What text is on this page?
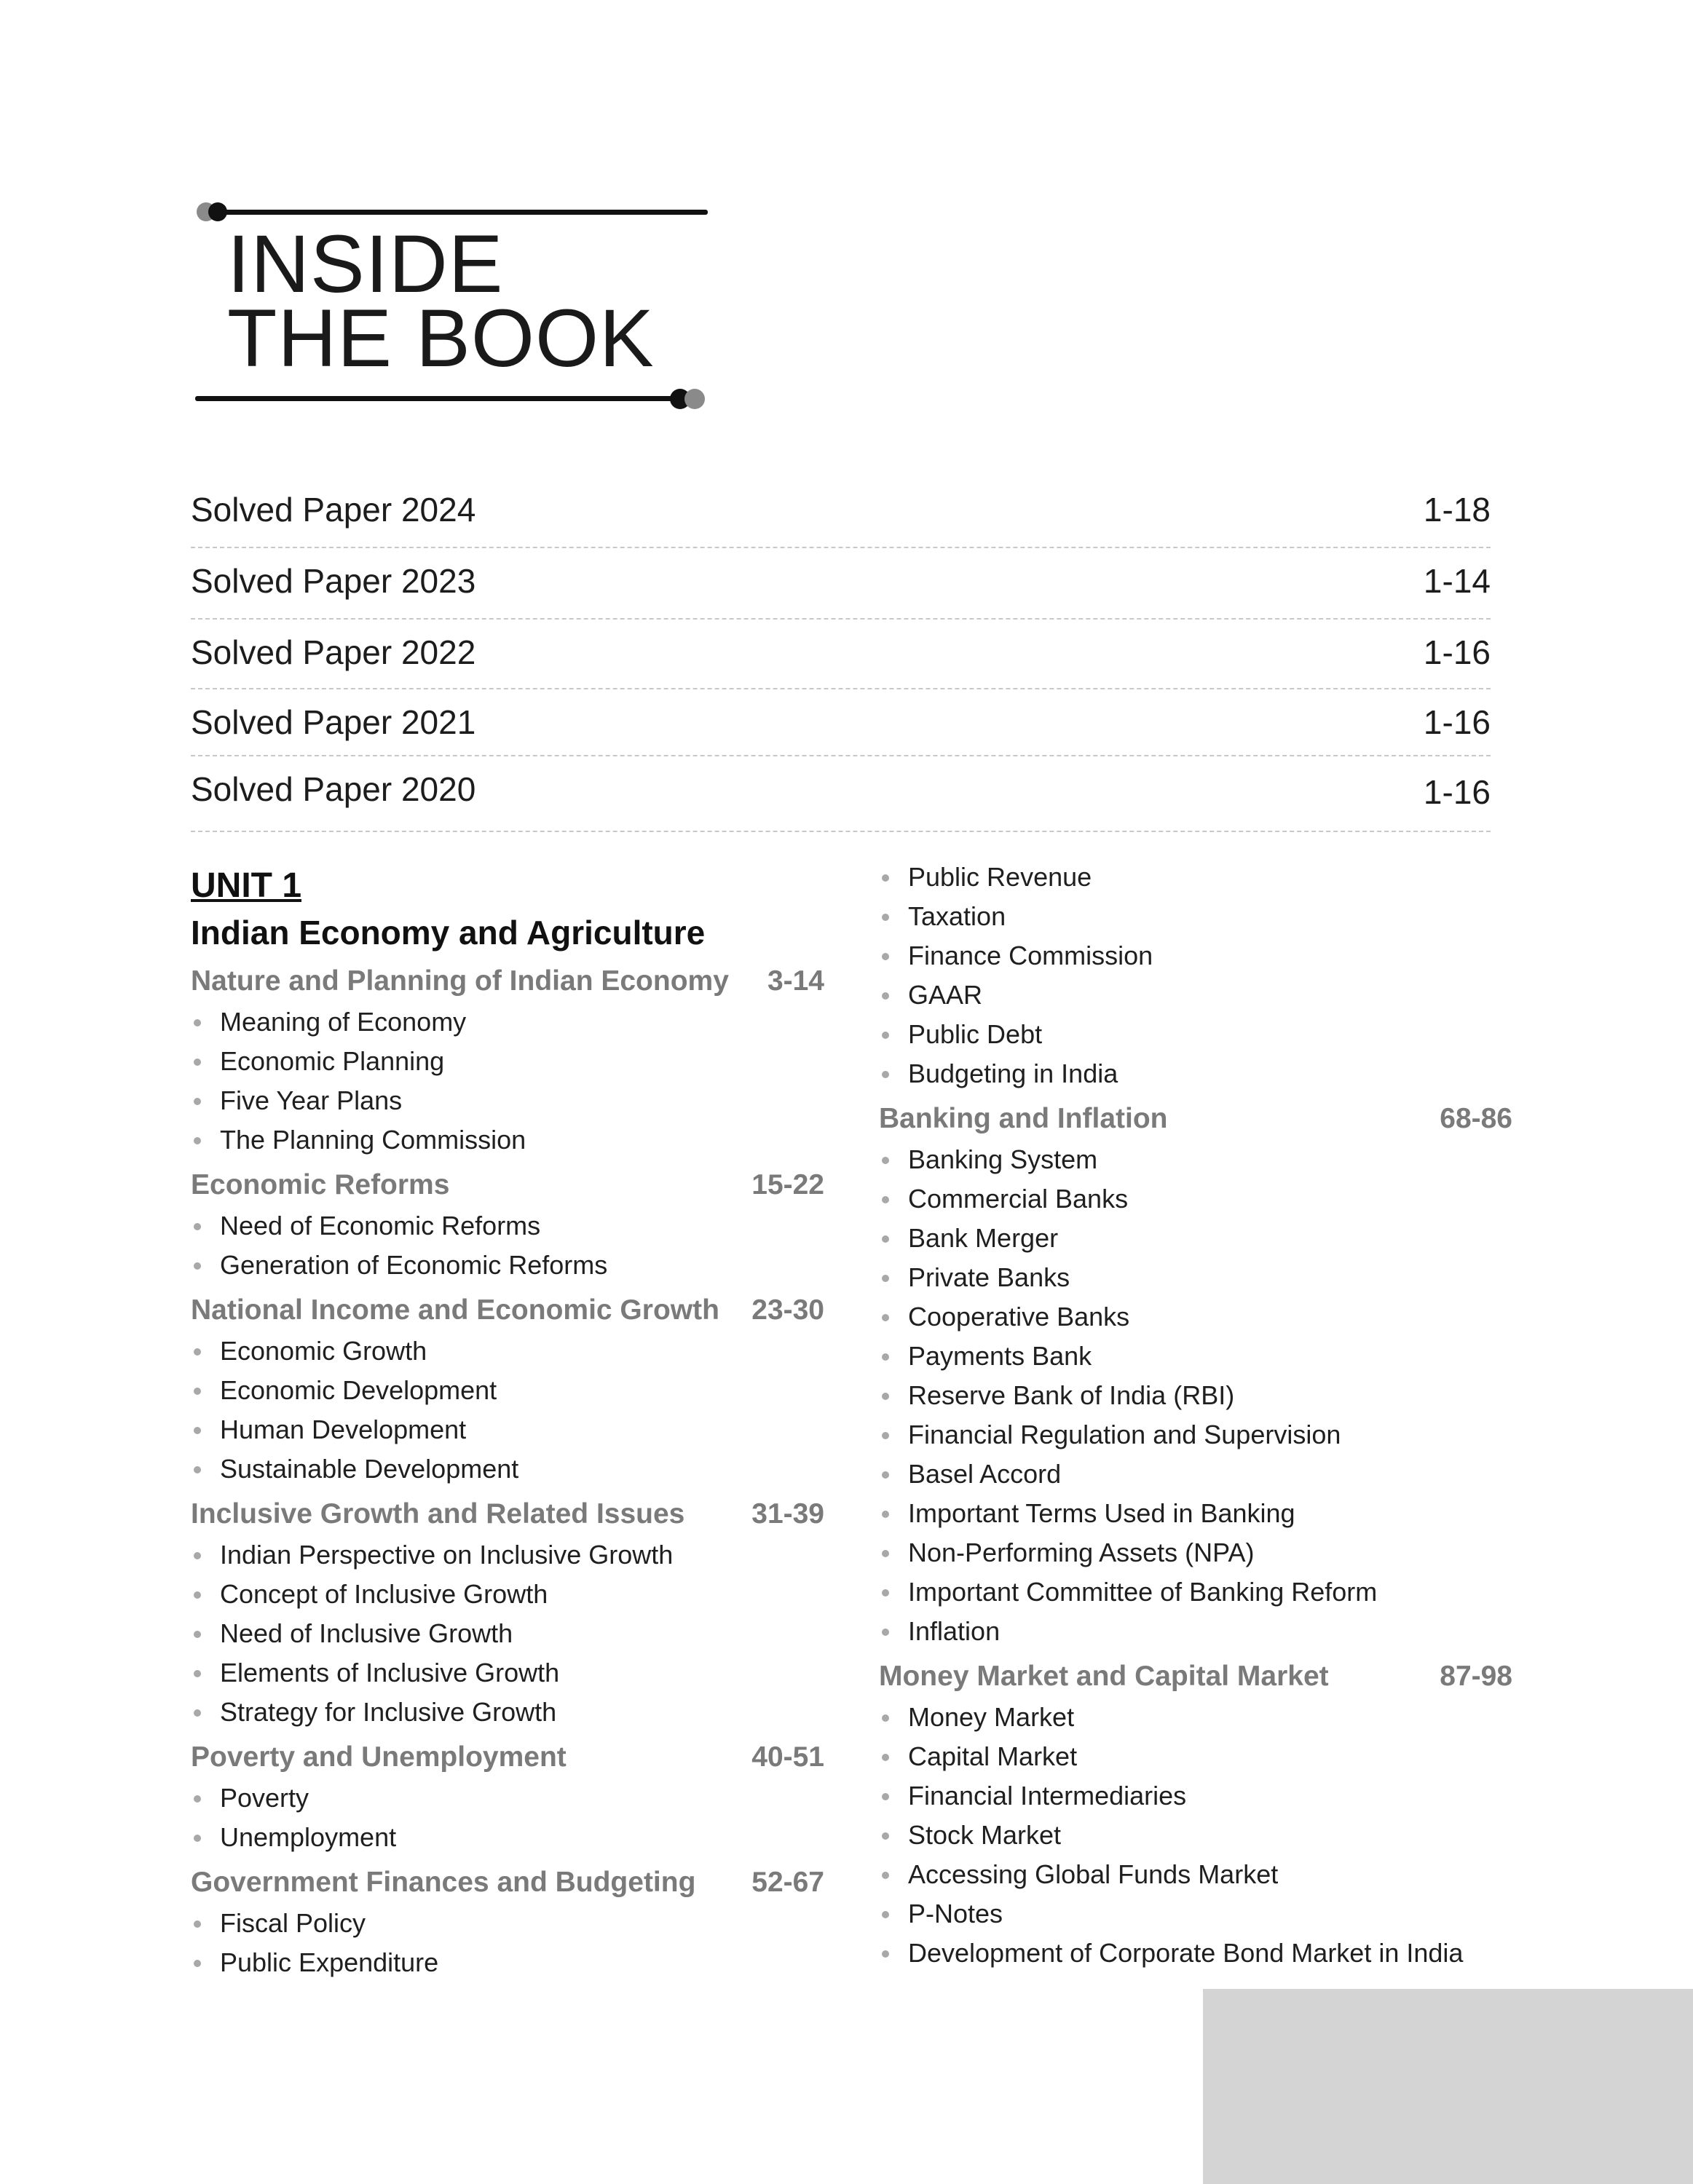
INSIDE
THE BOOK
Solved Paper 2024	1-18
Solved Paper 2023	1-14
Solved Paper 2022	1-16
Solved Paper 2021	1-16
Solved Paper 2020	1-16
UNIT 1
Indian Economy and Agriculture
Nature and Planning of Indian Economy 3-14
Meaning of Economy
Economic Planning
Five Year Plans
The Planning Commission
Economic Reforms	15-22
Need of Economic Reforms
Generation of Economic Reforms
National Income and Economic Growth 23-30
Economic Growth
Economic Development
Human Development
Sustainable Development
Inclusive Growth and Related Issues 31-39
Indian Perspective on Inclusive Growth
Concept of Inclusive Growth
Need of Inclusive Growth
Elements of Inclusive Growth
Strategy for Inclusive Growth
Poverty and Unemployment	40-51
Poverty
Unemployment
Government Finances and Budgeting 52-67
Fiscal Policy
Public Expenditure
Public Revenue
Taxation
Finance Commission
GAAR
Public Debt
Budgeting in India
Banking and Inflation	68-86
Banking System
Commercial Banks
Bank Merger
Private Banks
Cooperative Banks
Payments Bank
Reserve Bank of India (RBI)
Financial Regulation and Supervision
Basel Accord
Important Terms Used in Banking
Non-Performing Assets (NPA)
Important Committee of Banking Reform
Inflation
Money Market and Capital Market	87-98
Money Market
Capital Market
Financial Intermediaries
Stock Market
Accessing Global Funds Market
P-Notes
Development of Corporate Bond Market in India
